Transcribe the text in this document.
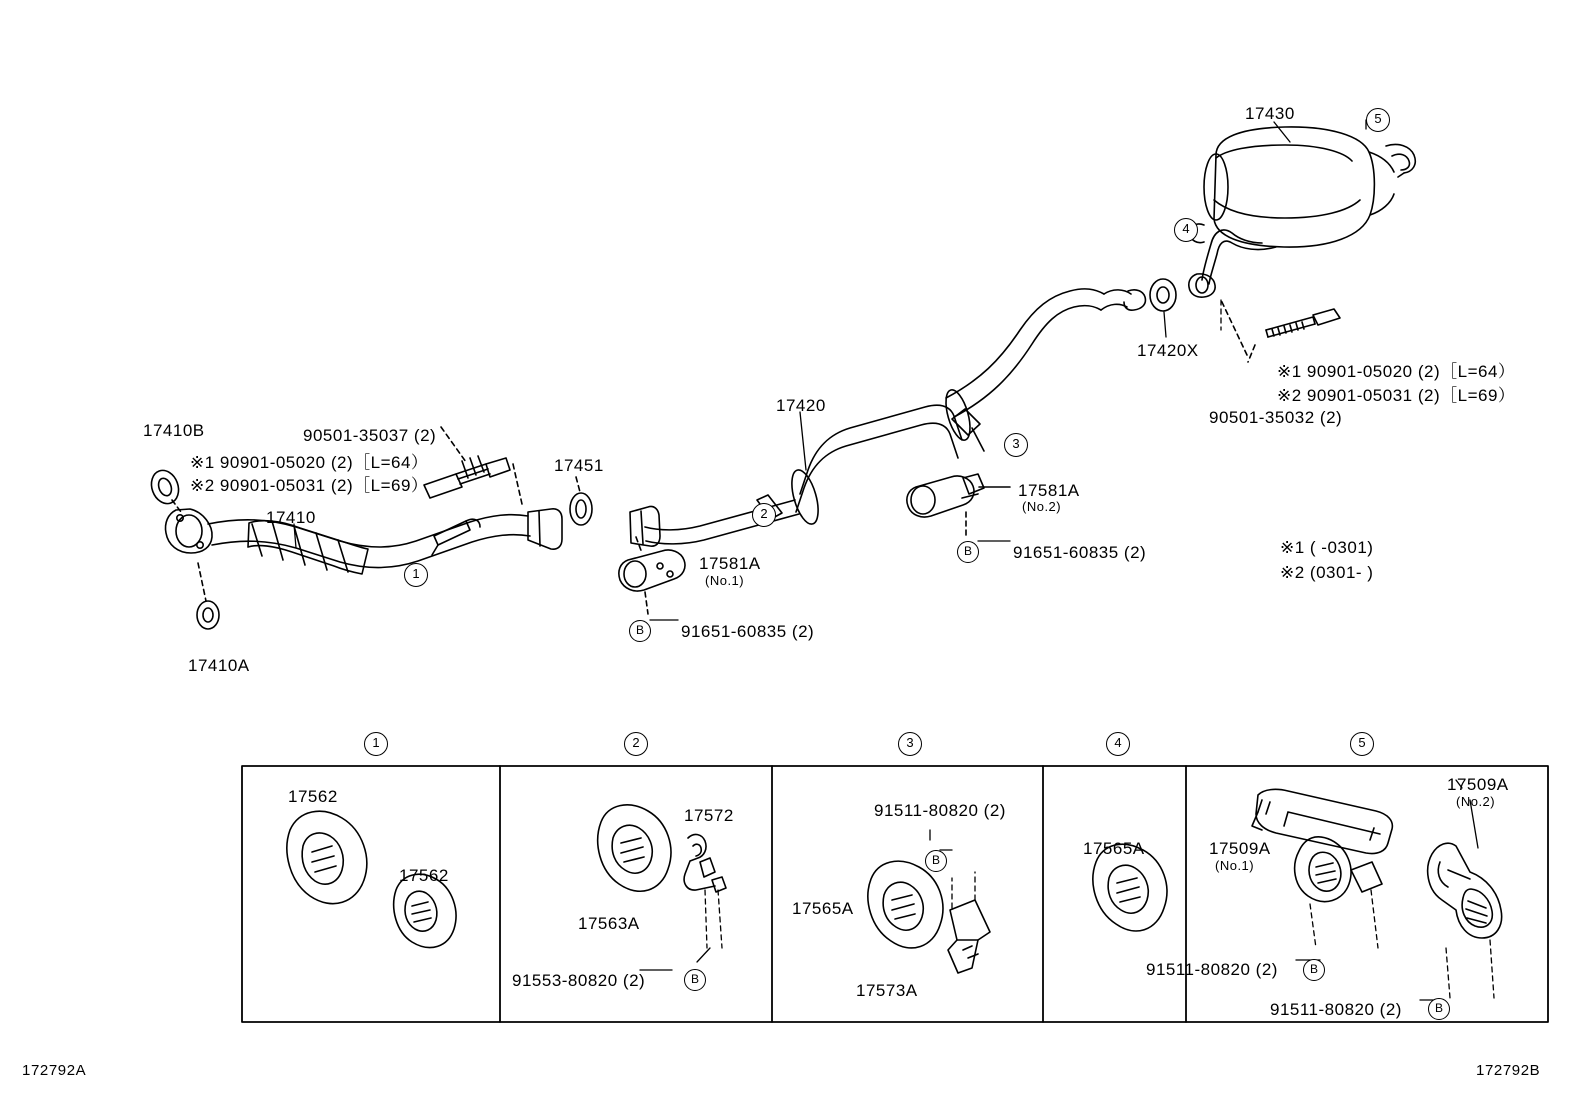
17430
17420X
17420
17410B
17410
17410A
17451
90501-35037 (2)
※1 90901-05020 (2)［L=64）
※2 90901-05031 (2)［L=69）
※1 90901-05020 (2)［L=64）
※2 90901-05031 (2)［L=69）
90501-35032 (2)
17581A
(No.2)
91651-60835 (2)
91651-60835 (2)
17581A
(No.1)
※1 ( -0301)
※2 (0301- )
1
2
3
4
5
B
B
1	2	3	4	5
17562
17562
17572
17563A
91553-80820 (2)	B
91511-80820 (2)
17565A
17573A
B
17565A
17509A
(No.2)
17509A
(No.1)
91511-80820 (2)
91511-80820 (2)
B
B
172792A	172792B
